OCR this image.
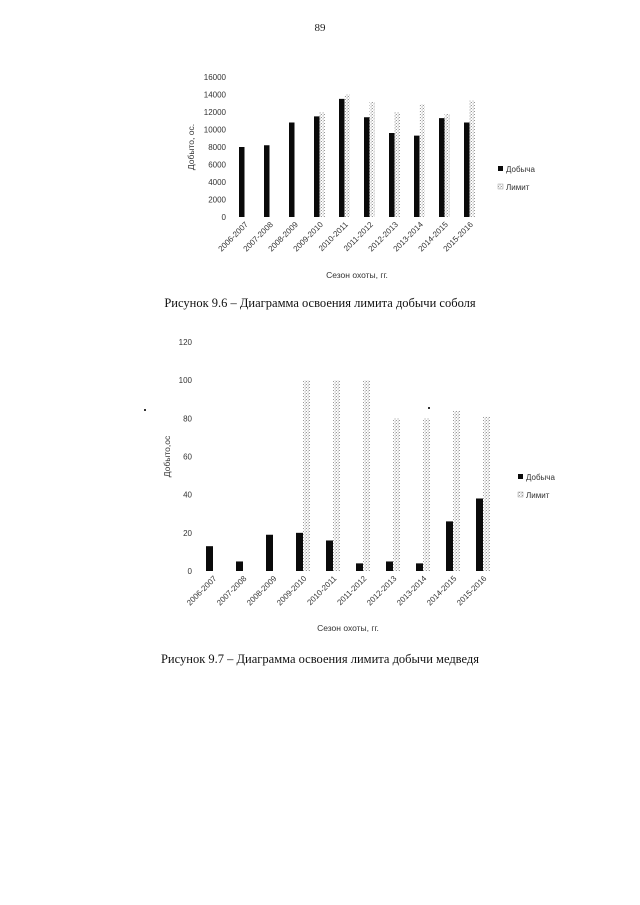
89
0
2000
4000
6000
8000
10000
12000
14000
16000
2006-2007
2007-2008
2008-2009
2009-2010
2010-2011
2011-2012
2012-2013
2013-2014
2014-2015
2015-2016
Сезон охоты, гг.
Добыто, ос.	Добыча
Лимит
Рисунок 9.6 – Диаграмма освоения лимита добычи соболя
0
20
40
60
80
100
120
2006-2007
2007-2008
2008-2009
2009-2010
2010-2011
2011-2012
2012-2013
2013-2014
2014-2015
2015-2016
Сезон охоты, гг.
Добыто,ос
Добыча
Лимит
Рисунок 9.7 – Диаграмма освоения лимита добычи медведя
